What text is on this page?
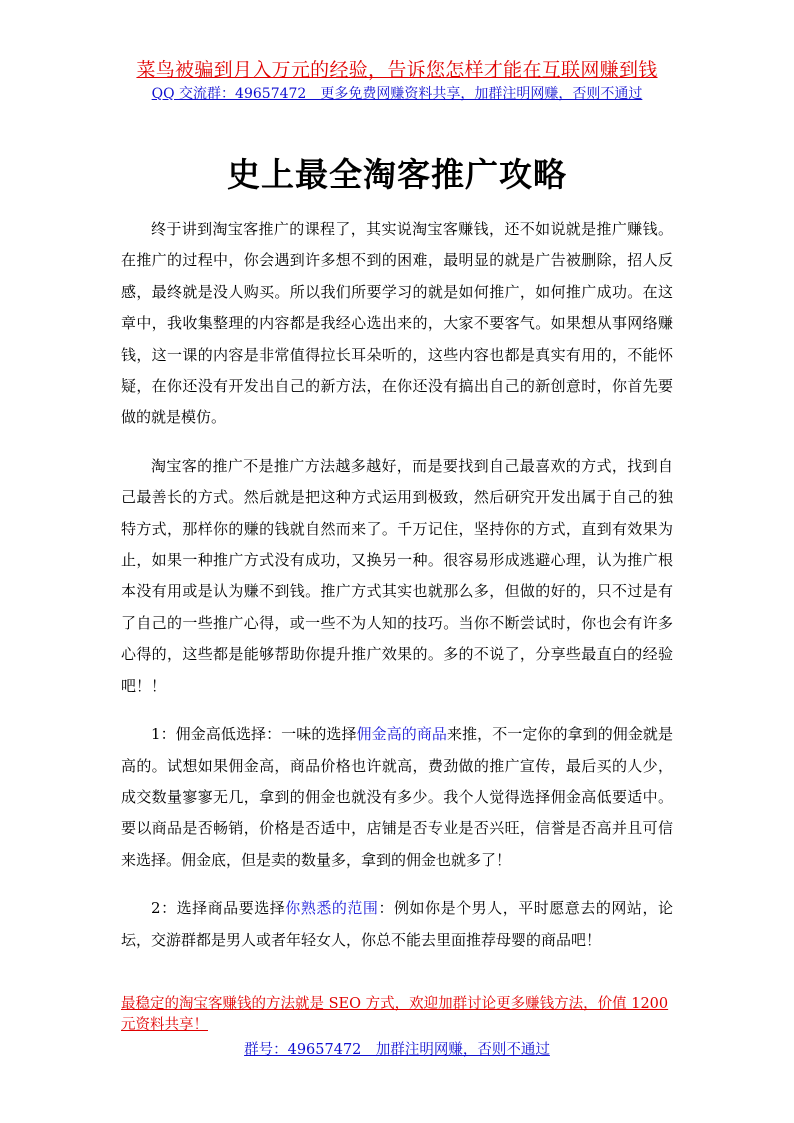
菜鸟被骗到月入万元的经验，告诉您怎样才能在互联网赚到钱
QQ 交流群：49657472　更多免费网赚资料共享，加群注明网赚，否则不通过
史上最全淘客推广攻略

终于讲到淘宝客推广的课程了，其实说淘宝客赚钱，还不如说就是推广赚钱。在推广的过程中，你会遇到许多想不到的困难，最明显的就是广告被删除，招人反感，最终就是没人购买。所以我们所要学习的就是如何推广，如何推广成功。在这章中，我收集整理的内容都是我经心选出来的，大家不要客气。如果想从事网络赚钱，这一课的内容是非常值得拉长耳朵听的，这些内容也都是真实有用的，不能怀疑，在你还没有开发出自己的新方法，在你还没有搞出自己的新创意时，你首先要做的就是模仿。

淘宝客的推广不是推广方法越多越好，而是要找到自己最喜欢的方式，找到自己最善长的方式。然后就是把这种方式运用到极致，然后研究开发出属于自己的独特方式，那样你的赚的钱就自然而来了。千万记住，坚持你的方式，直到有效果为止，如果一种推广方式没有成功，又换另一种。很容易形成逃避心理，认为推广根本没有用或是认为赚不到钱。推广方式其实也就那么多，但做的好的，只不过是有了自己的一些推广心得，或一些不为人知的技巧。当你不断尝试时，你也会有许多心得的，这些都是能够帮助你提升推广效果的。多的不说了，分享些最直白的经验吧！！

1：佣金高低选择：一味的选择佣金高的商品来推，不一定你的拿到的佣金就是高的。试想如果佣金高，商品价格也许就高，费劲做的推广宣传，最后买的人少，成交数量寥寥无几，拿到的佣金也就没有多少。我个人觉得选择佣金高低要适中。要以商品是否畅销，价格是否适中，店铺是否专业是否兴旺，信誉是否高并且可信来选择。佣金底，但是卖的数量多，拿到的佣金也就多了！

2：选择商品要选择你熟悉的范围：例如你是个男人，平时愿意去的网站，论坛，交游群都是男人或者年轻女人，你总不能去里面推荐母婴的商品吧！

最稳定的淘宝客赚钱的方法就是 SEO 方式，欢迎加群讨论更多赚钱方法，价值 1200 元资料共享！
群号：49657472　加群注明网赚，否则不通过
